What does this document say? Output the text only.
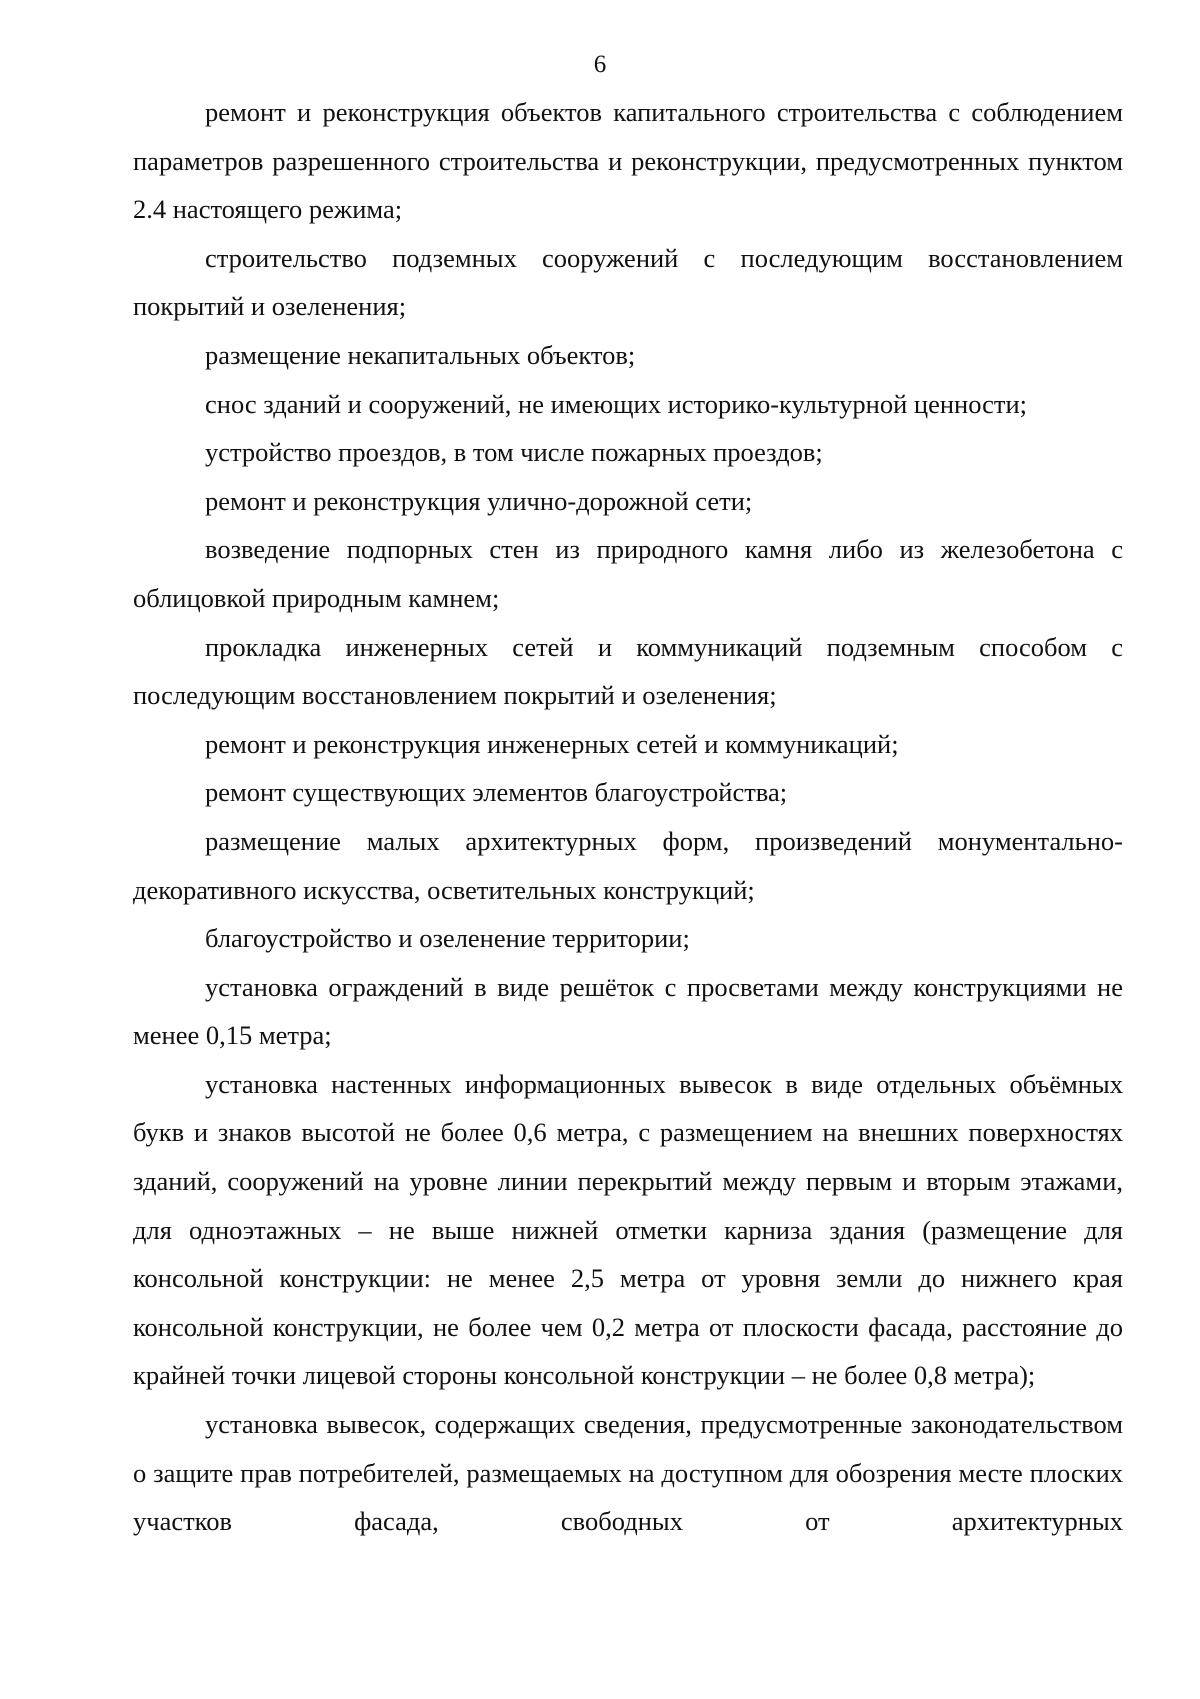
6

ремонт и реконструкция объектов капитального строительства с соблюдением параметров разрешенного строительства и реконструкции, предусмотренных пунктом 2.4 настоящего режима;

строительство подземных сооружений с последующим восстановлением покрытий и озеленения;

размещение некапитальных объектов;

снос зданий и сооружений, не имеющих историко-культурной ценности;

устройство проездов, в том числе пожарных проездов;

ремонт и реконструкция улично-дорожной сети;

возведение подпорных стен из природного камня либо из железобетона с облицовкой природным камнем;

прокладка инженерных сетей и коммуникаций подземным способом с последующим восстановлением покрытий и озеленения;

ремонт и реконструкция инженерных сетей и коммуникаций;

ремонт существующих элементов благоустройства;

размещение малых архитектурных форм, произведений монументально-декоративного искусства, осветительных конструкций;

благоустройство и озеленение территории;

установка ограждений в виде решёток с просветами между конструкциями не менее 0,15 метра;

установка настенных информационных вывесок в виде отдельных объёмных букв и знаков высотой не более 0,6 метра, с размещением на внешних поверхностях зданий, сооружений на уровне линии перекрытий между первым и вторым этажами, для одноэтажных – не выше нижней отметки карниза здания (размещение для консольной конструкции: не менее 2,5 метра от уровня земли до нижнего края консольной конструкции, не более чем 0,2 метра от плоскости фасада, расстояние до крайней точки лицевой стороны консольной конструкции – не более 0,8 метра);

установка вывесок, содержащих сведения, предусмотренные законодательством о защите прав потребителей, размещаемых на доступном для обозрения месте плоских участков фасада, свободных от архитектурных
